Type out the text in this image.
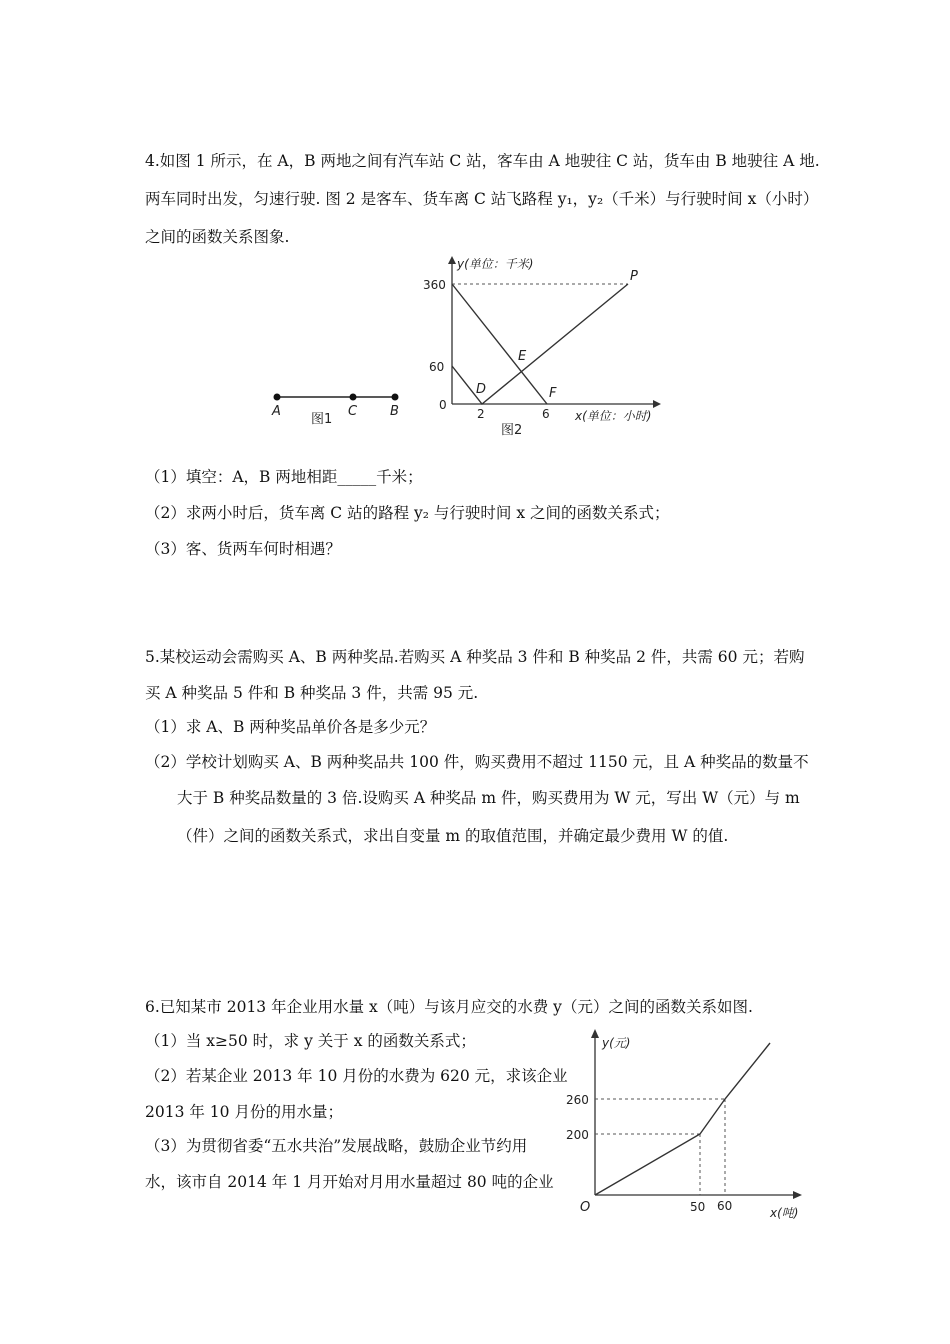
4.如图 1 所示，在 A，B 两地之间有汽车站 C 站，客车由 A 地驶往 C 站，货车由 B 地驶往 A 地.
两车同时出发，匀速行驶. 图 2 是客车、货车离 C 站飞路程 y₁，y₂（千米）与行驶时间 x（小时）
之间的函数关系图象.
A	C	B
图1
y(单位：千米)
x(单位：小时)
360
60
0
2	6
P
E
D	F
图2
（1）填空：A，B 两地相距_____千米；
（2）求两小时后，货车离 C 站的路程 y₂ 与行驶时间 x 之间的函数关系式；
（3）客、货两车何时相遇？
5.某校运动会需购买 A、B 两种奖品.若购买 A 种奖品 3 件和 B 种奖品 2 件，共需 60 元；若购
买 A 种奖品 5 件和 B 种奖品 3 件，共需 95 元.
（1）求 A、B 两种奖品单价各是多少元？
（2）学校计划购买 A、B 两种奖品共 100 件，购买费用不超过 1150 元，且 A 种奖品的数量不
大于 B 种奖品数量的 3 倍.设购买 A 种奖品 m 件，购买费用为 W 元，写出 W（元）与 m
（件）之间的函数关系式，求出自变量 m 的取值范围，并确定最少费用 W 的值.
6.已知某市 2013 年企业用水量 x（吨）与该月应交的水费 y（元）之间的函数关系如图.
（1）当 x≥50 时，求 y 关于 x 的函数关系式；
（2）若某企业 2013 年 10 月份的水费为 620 元，求该企业
2013 年 10 月份的用水量；
（3）为贯彻省委“五水共治”发展战略，鼓励企业节约用
水，该市自 2014 年 1 月开始对月用水量超过 80 吨的企业
y(元)
x(吨)
260
200
50 60
O
